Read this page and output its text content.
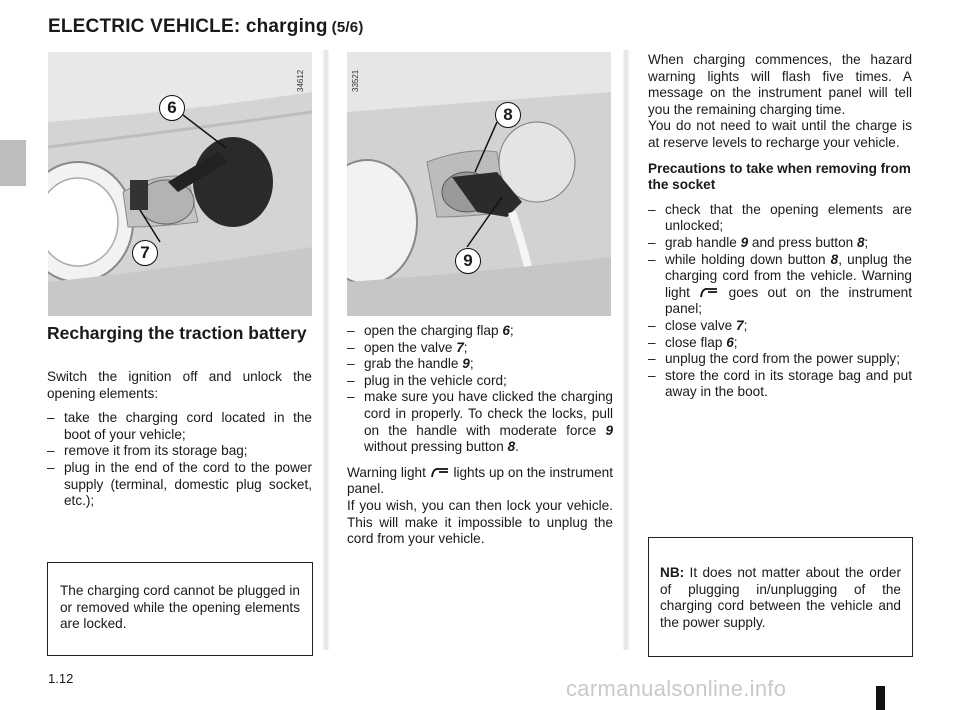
ELECTRIC VEHICLE: charging (5/6)
34612
6
7
33521
8
9
Recharging the traction battery

Switch the ignition off and unlock the opening elements:

– take the charging cord located in the boot of your vehicle;
– remove it from its storage bag;
– plug in the end of the cord to the power supply (terminal, domestic plug socket, etc.);

The charging cord cannot be plugged in or removed while the opening elements are locked.

– open the charging flap 6;
– open the valve 7;
– grab the handle 9;
– plug in the vehicle cord;
– make sure you have clicked the charging cord in properly. To check the locks, pull on the handle with moderate force 9 without pressing button 8.

Warning light  lights up on the instrument panel.

If you wish, you can then lock your vehicle. This will make it impossible to unplug the cord from your vehicle.

When charging commences, the hazard warning lights will flash five times. A message on the instrument panel will tell you the remaining charging time.

You do not need to wait until the charge is at reserve levels to recharge your vehicle.

Precautions to take when removing from the socket

– check that the opening elements are unlocked;
– grab handle 9 and press button 8;
– while holding down button 8, unplug the charging cord from the vehicle. Warning light  goes out on the instrument panel;
– close valve 7;
– close flap 6;
– unplug the cord from the power supply;
– store the cord in its storage bag and put away in the boot.

NB: It does not matter about the order of plugging in/unplugging of the charging cord between the vehicle and the power supply.

1.12	carmanualsonline.info
